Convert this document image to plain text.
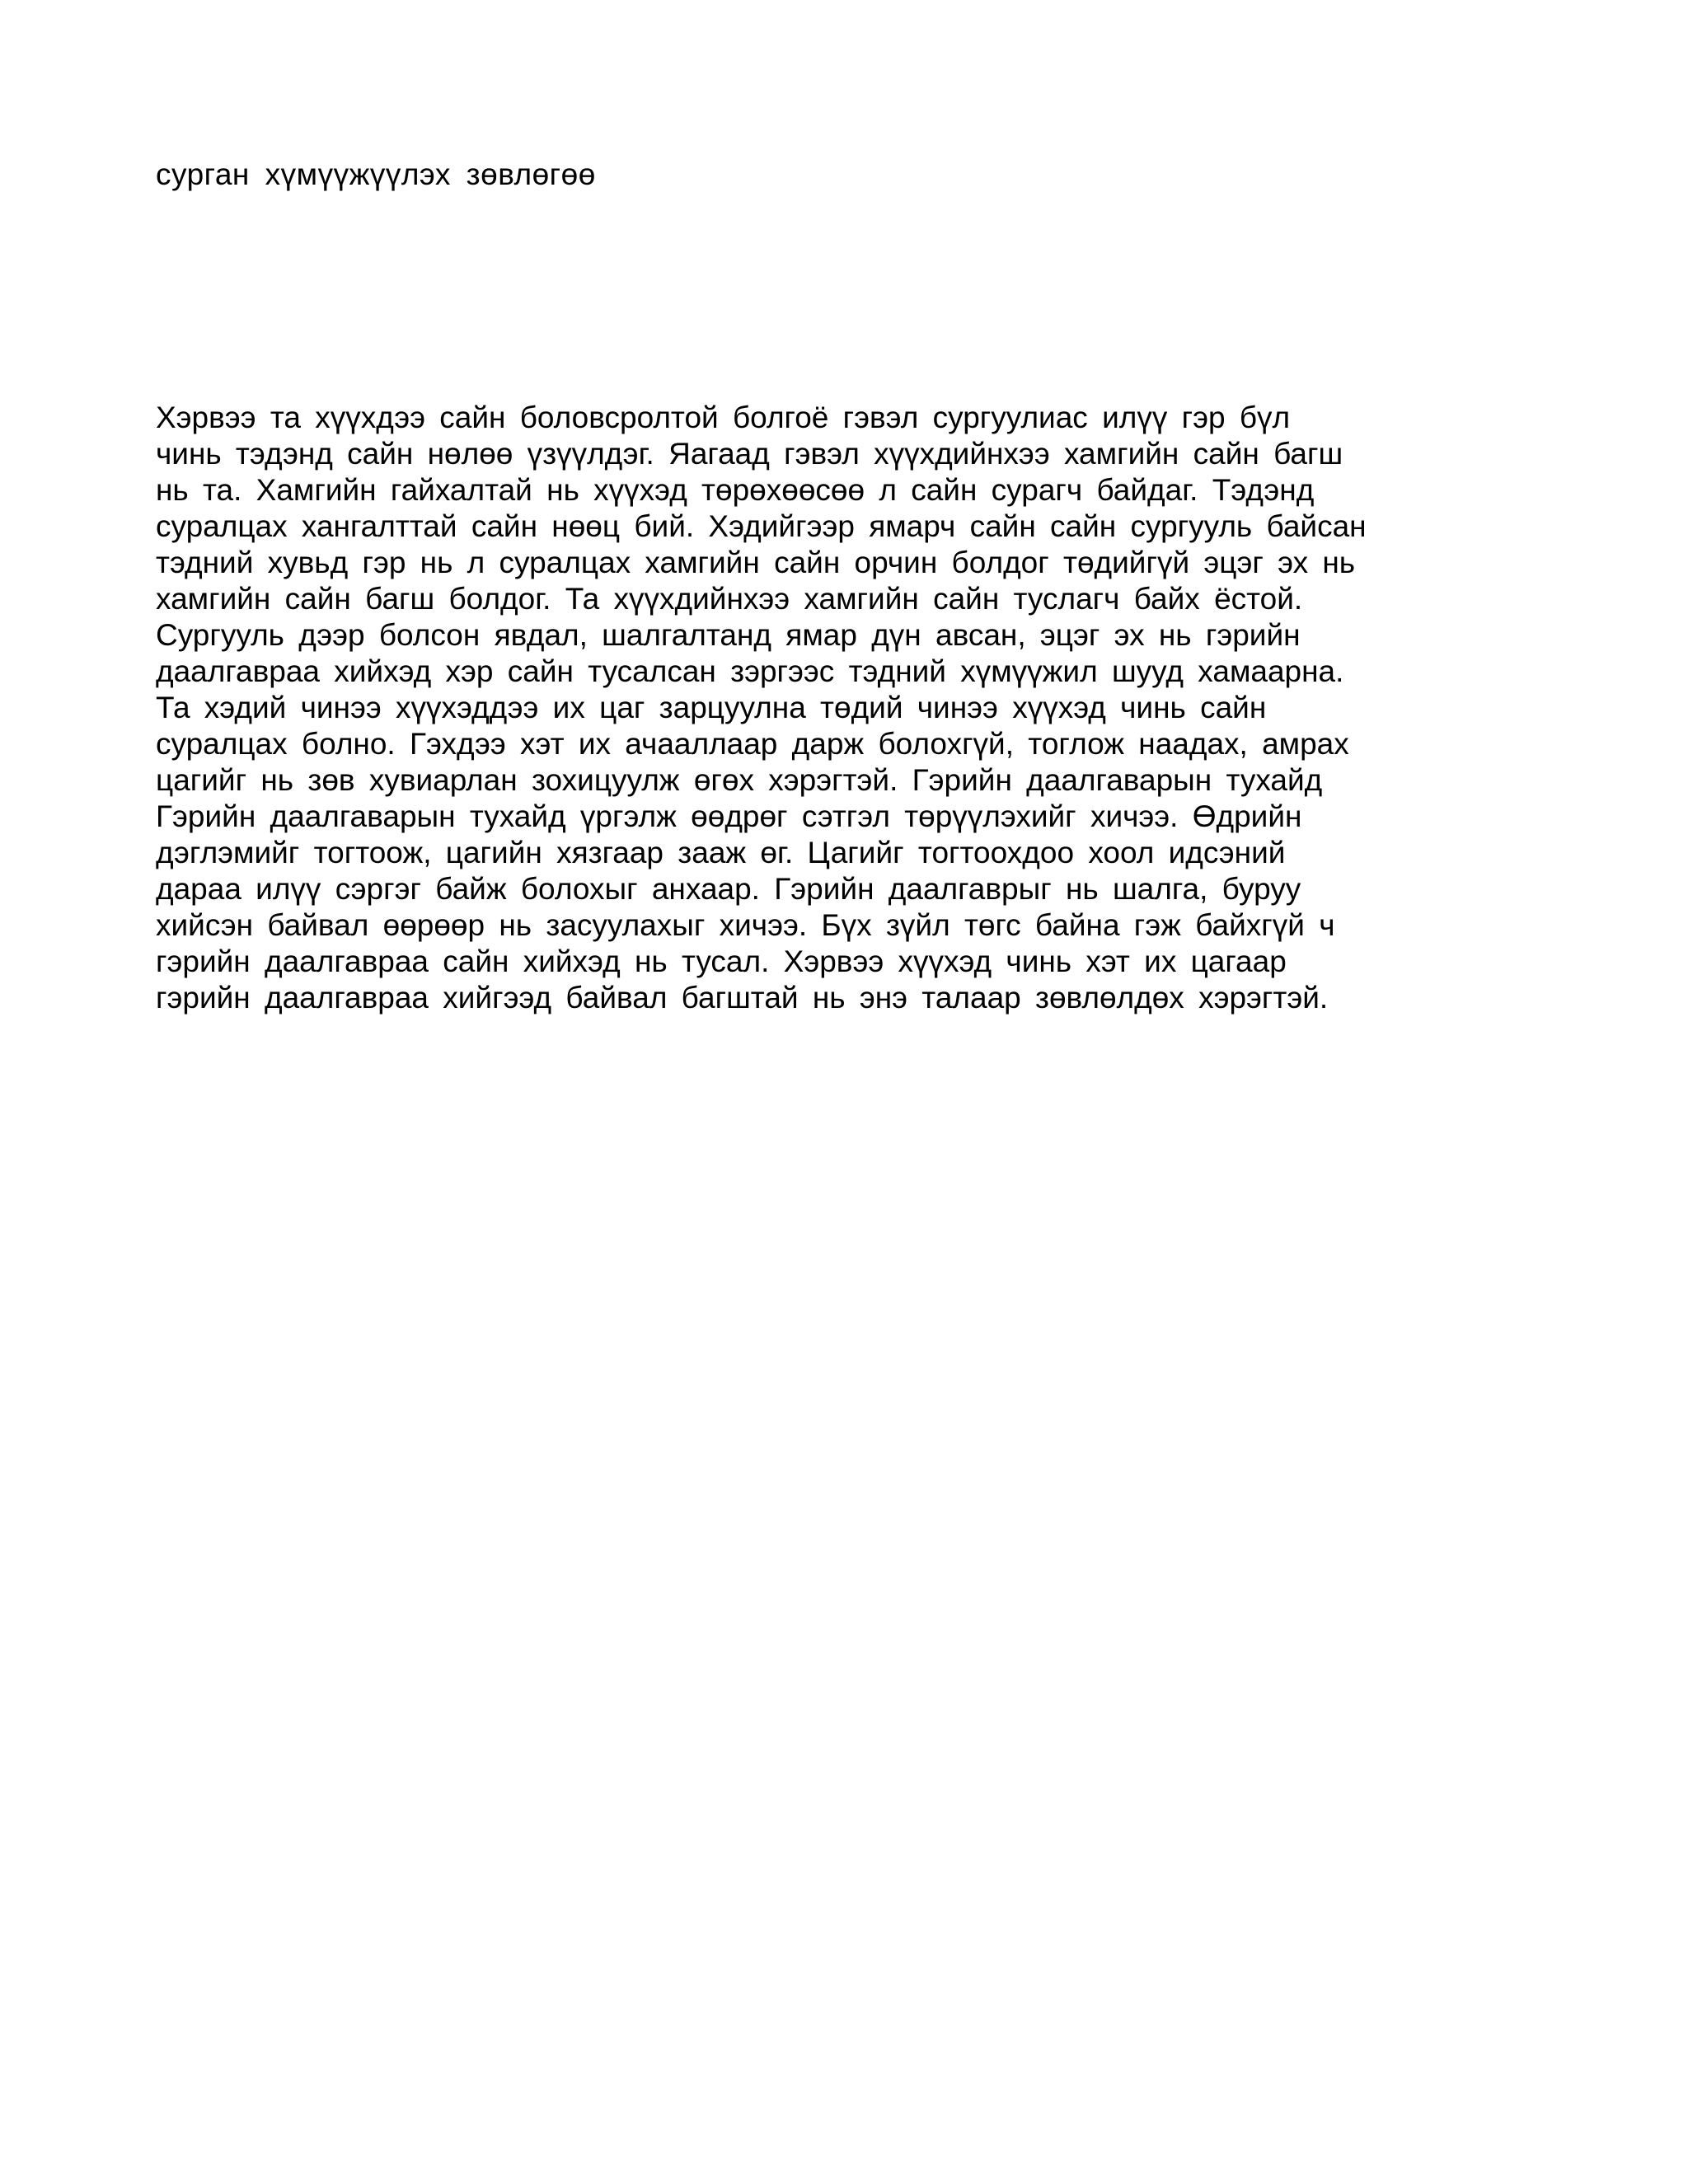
сурган хүмүүжүүлэх зөвлөгөө
Хэрвээ та хүүхдээ сайн боловсролтой болгоё гэвэл сургуулиас илүү гэр бүл
чинь тэдэнд сайн нөлөө үзүүлдэг. Яагаад гэвэл хүүхдийнхээ хамгийн сайн багш
нь та. Хамгийн гайхалтай нь хүүхэд төрөхөөсөө л сайн сурагч байдаг. Тэдэнд
суралцах хангалттай сайн нөөц бий. Хэдийгээр ямарч сайн сайн сургууль байсан
тэдний хувьд гэр нь л суралцах хамгийн сайн орчин болдог төдийгүй эцэг эх нь
хамгийн сайн багш болдог. Та хүүхдийнхээ хамгийн сайн туслагч байх ёстой.
Сургууль дээр болсон явдал, шалгалтанд ямар дүн авсан, эцэг эх нь гэрийн
даалгавраа хийхэд хэр сайн тусалсан зэргээс тэдний хүмүүжил шууд хамаарна.
Та хэдий чинээ хүүхэддээ их цаг зарцуулна төдий чинээ хүүхэд чинь сайн
суралцах болно. Гэхдээ хэт их ачааллаар дарж болохгүй, тоглож наадах, амрах
цагийг нь зөв хувиарлан зохицуулж өгөх хэрэгтэй. Гэрийн даалгаварын тухайд
Гэрийн даалгаварын тухайд үргэлж өөдрөг сэтгэл төрүүлэхийг хичээ. Өдрийн
дэглэмийг тогтоож, цагийн хязгаар зааж өг. Цагийг тогтоохдоо хоол идсэний
дараа илүү сэргэг байж болохыг анхаар. Гэрийн даалгаврыг нь шалга, буруу
хийсэн байвал өөрөөр нь засуулахыг хичээ. Бүх зүйл төгс байна гэж байхгүй ч
гэрийн даалгавраа сайн хийхэд нь тусал. Хэрвээ хүүхэд чинь хэт их цагаар
гэрийн даалгавраа хийгээд байвал багштай нь энэ талаар зөвлөлдөх хэрэгтэй.
